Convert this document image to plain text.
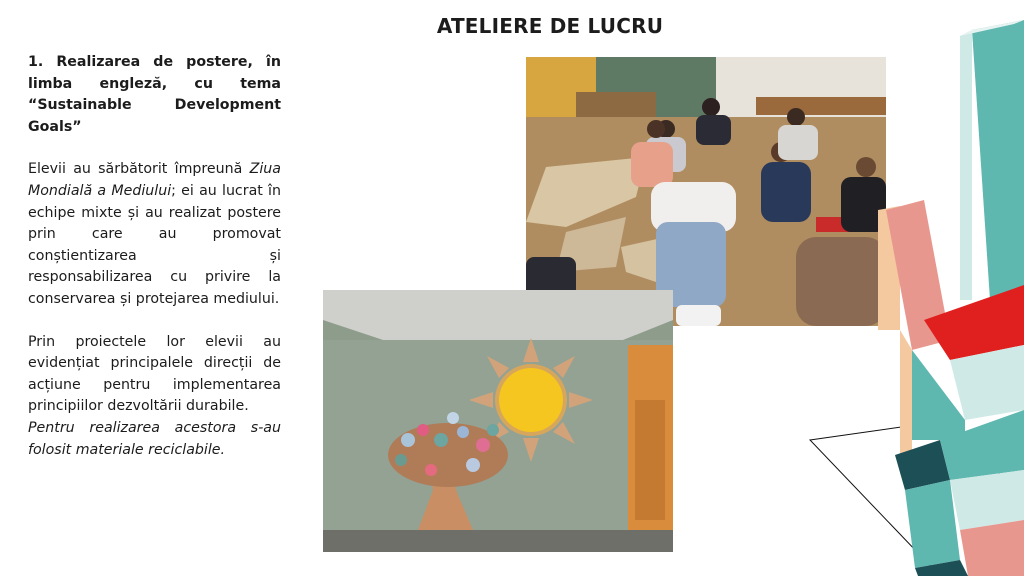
ATELIERE DE LUCRU

1. Realizarea de postere, în limba engleză, cu tema “Sustainable Development Goals”

Elevii au sărbătorit împreună Ziua Mondială a Mediului; ei au lucrat în echipe mixte și au realizat postere prin care au promovat conștientizarea și responsabilizarea cu privire la conservarea și protejarea mediului.

Prin proiectele lor elevii au evidențiat principalele direcții de acțiune pentru implementarea principiilor dezvoltării durabile.

Pentru realizarea acestora s-au folosit materiale reciclabile.
